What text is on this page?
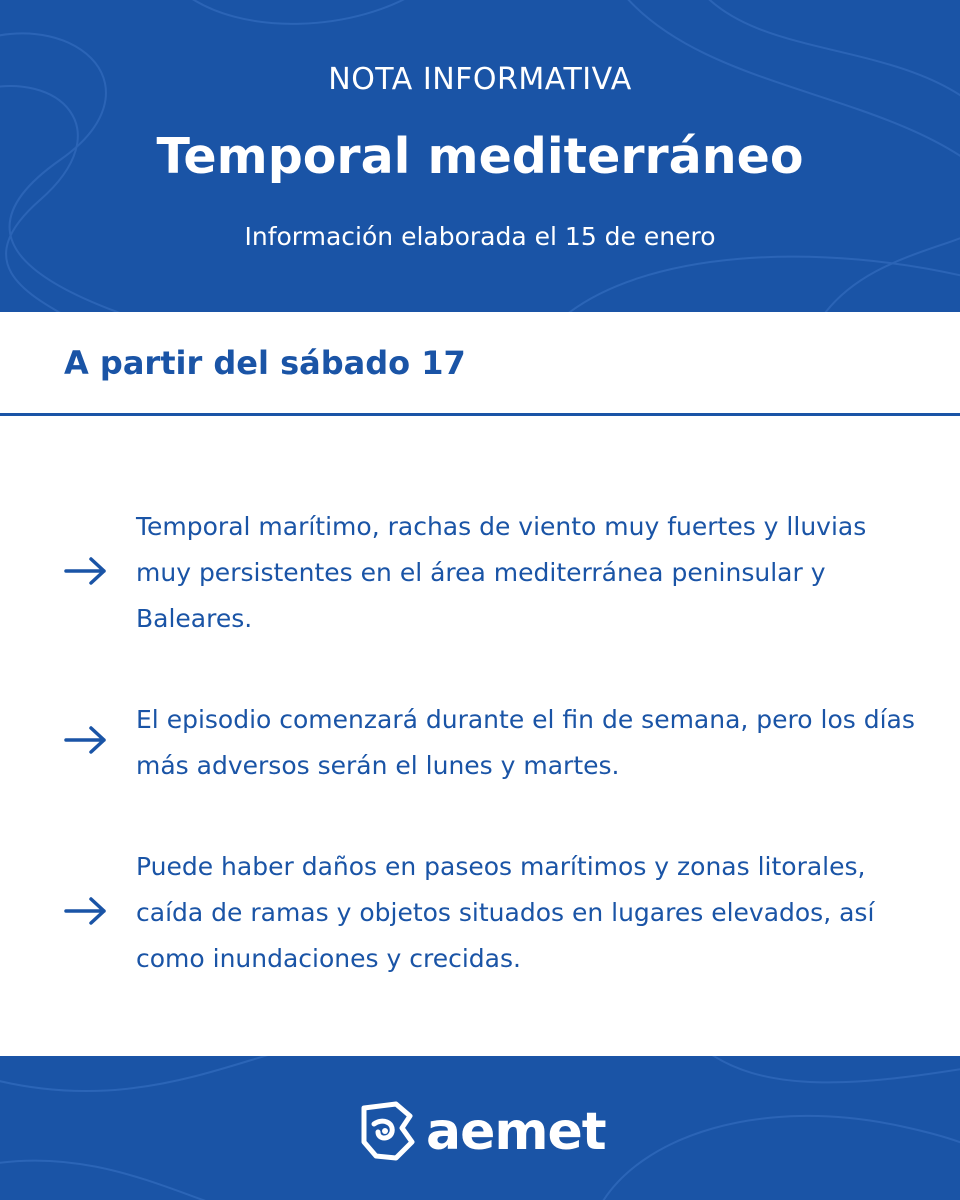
NOTA INFORMATIVA
Temporal mediterráneo
Información elaborada el 15 de enero
A partir del sábado 17
Temporal marítimo, rachas de viento muy fuertes y lluvias muy persistentes en el área mediterránea peninsular y Baleares.
El episodio comenzará durante el fin de semana, pero los días más adversos serán el lunes y martes.
Puede haber daños en paseos marítimos y zonas litorales, caída de ramas y objetos situados en lugares elevados, así como inundaciones y crecidas.
aemet
